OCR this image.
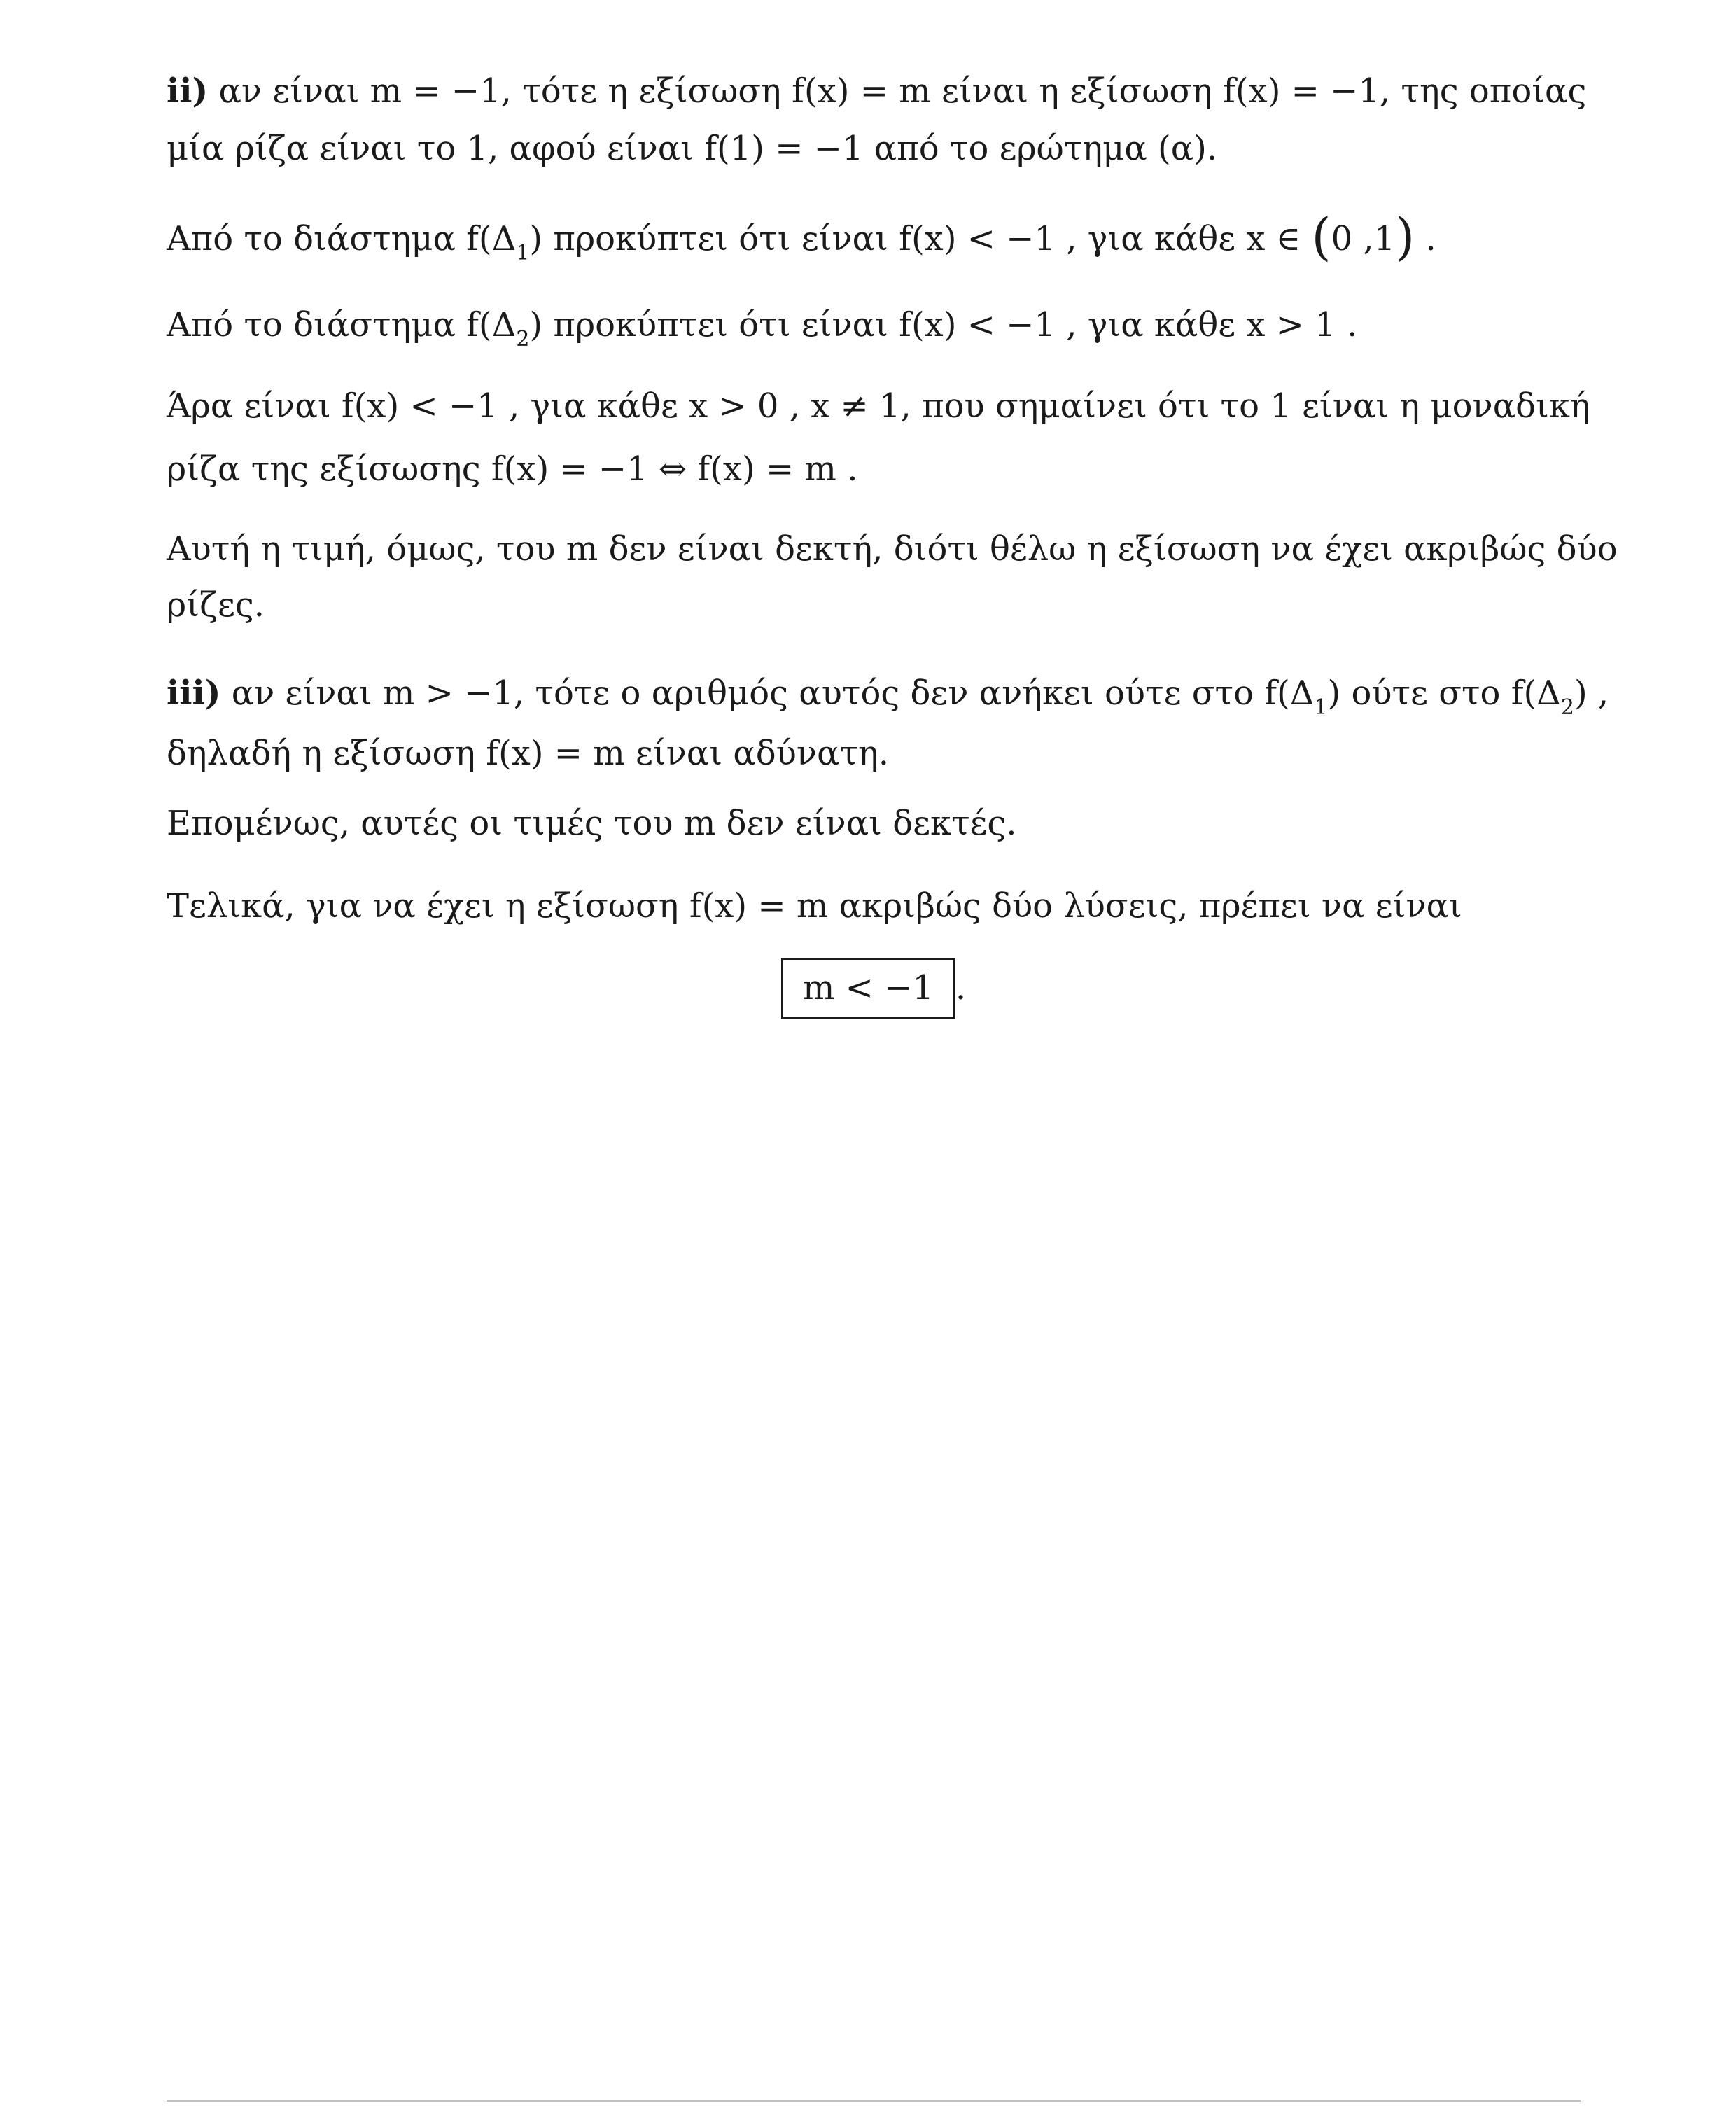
ii) αν είναι m = −1, τότε η εξίσωση f(x) = m είναι η εξίσωση f(x) = −1, της οποίας
μία ρίζα είναι το 1, αφού είναι f(1) = −1 από το ερώτημα (α).
Από το διάστημα $f(\Delta_1)$ προκύπτει ότι είναι f(x) < −1 , για κάθε x ∈ (0 ,1) .
Από το διάστημα $f(\Delta_2)$ προκύπτει ότι είναι f(x) < −1 , για κάθε x > 1 .
Άρα είναι f(x) < −1 , για κάθε x > 0 , x ≠ 1, που σημαίνει ότι το 1 είναι η μοναδική
ρίζα της εξίσωσης f(x) = −1 ⇔ f(x) = m .
Αυτή η τιμή, όμως, του m δεν είναι δεκτή, διότι θέλω η εξίσωση να έχει ακριβώς δύο
ρίζες.
iii) αν είναι m > −1, τότε ο αριθμός αυτός δεν ανήκει ούτε στο $f(\Delta_1)$ ούτε στο $f(\Delta_2)$ ,
δηλαδή η εξίσωση f(x) = m είναι αδύνατη.
Επομένως, αυτές οι τιμές του m δεν είναι δεκτές.
Τελικά, για να έχει η εξίσωση f(x) = m ακριβώς δύο λύσεις, πρέπει να είναι
m < −1 .
